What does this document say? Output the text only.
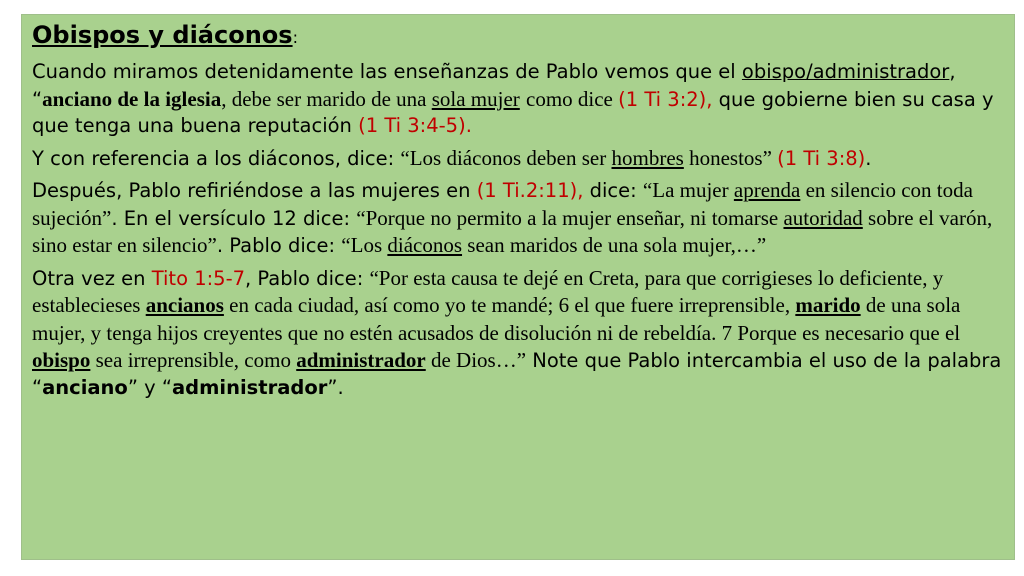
Obispos y diáconos:

Cuando miramos detenidamente las enseñanzas de Pablo vemos que el obispo/administrador, “anciano de la iglesia, debe ser marido de una sola mujer como dice (1 Ti 3:2), que gobierne bien su casa y que tenga una buena reputación (1 Ti 3:4-5).

Y con referencia a los diáconos, dice: “Los diáconos deben ser hombres honestos” (1 Ti 3:8).

Después, Pablo refiriéndose a las mujeres en (1 Ti.2:11), dice: “La mujer aprenda en silencio con toda sujeción”. En el versículo 12 dice: “Porque no permito a la mujer enseñar, ni tomarse autoridad sobre el varón, sino estar en silencio”. Pablo dice: “Los diáconos sean maridos de una sola mujer,…”

Otra vez en Tito 1:5-7, Pablo dice: “Por esta causa te dejé en Creta, para que corrigieses lo deficiente, y establecieses ancianos en cada ciudad, así como yo te mandé; 6 el que fuere irreprensible, marido de una sola mujer, y tenga hijos creyentes que no estén acusados de disolución ni de rebeldía. 7 Porque es necesario que el obispo sea irreprensible, como administrador de Dios…” Note que Pablo intercambia el uso de la palabra “anciano” y “administrador”.
